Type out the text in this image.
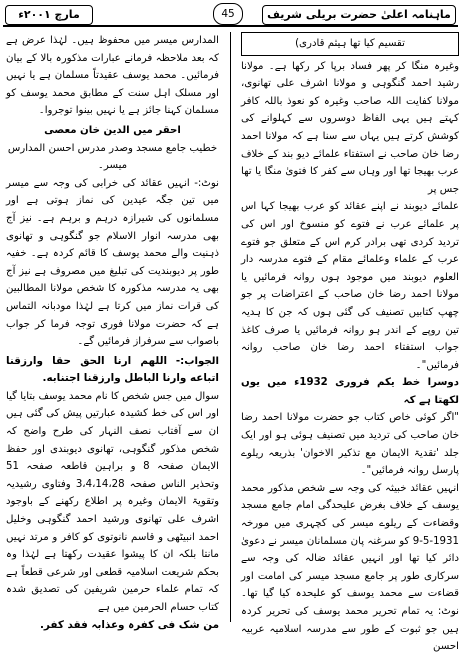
ماہنامہ اعلیٰ حضرت بریلی شریف
45
مارچ ۲۰۰۱ء

تقسیم کیا تھا ہیثم قادری)

وغیرہ منگا کر پھر فساد برپا کر رکھا ہے۔ مولانا رشید احمد گنگوہی و مولانا اشرف علی تھانوی، مولانا کفایت اللہ صاحب وغیرہ کو نعوذ باللہ کافر کہتے ہیں یہی الفاظ دوسروں سے کہلوانے کی کوشش کرتے ہیں یہاں سے سنا ہے کہ مولانا احمد رضا خان صاحب نے استفتاء علمائے دیو بند کے خلاف عرب بھیجا تھا اور وہاں سے کفر کا فتویٰ منگا یا تھا جس پر

علمائے دیوبند نے اپنے عقائد کو عرب بھیجا کہا اس پر علمائے عرب نے فتوے کو منسوخ اور اس کی تردید کردی تھی برادر کرم اس کے متعلق جو فتوے عرب کے علماء وعلمائے مقام کے فتوے مدرسہ دار العلوم دیوبند میں موجود ہوں روانہ فرمائیں یا مولانا احمد رضا خان صاحب کے اعتراضات پر جو چھپ کتابیں تصنیف کی گئی ہوں کہ جن کا ہدیہ تین روپے کے اندر ہو روانہ فرمائیں یا صرف کاغذ جواب استفتاء احمد رضا خان صاحب روانہ فرمائیں"۔

دوسرا خط یکم فروری 1932ء میں یوں لکھتا ہے کہ

"اگر کوئی خاص کتاب جو حضرت مولانا احمد رضا خان صاحب کی تردید میں تصنیف ہوئی ہو اور ایک جلد 'تقدیۃ الایمان مع تذکیر الاخوان' بذریعہ ریلوے پارسل روانہ فرمائیں"۔

انہیں عقائد خبیثہ کی وجہ سے شخص مذکور محمد یوسف کے خلاف بغرض علیحدگی امام جامع مسجد وقضاءت کے ریلوے میسر کی کچہری میں مورخہ 1931-5-9 کو سرغنہ پان مسلمانان میسر نے دعویٰ دائر کیا تھا اور انہیں عقائد ضالہ کی وجہ سے سرکاری طور پر جامع مسجد میسر کی امامت اور قضاءت سے محمد یوسف کو علیحدہ کیا گیا تھا۔ نوٹ: یہ تمام تحریر محمد یوسف کی تحریر کردہ ہیں جو ثبوت کے طور سے مدرسہ اسلامیہ عربیہ احسن

المدارس میسر میں محفوظ ہیں۔ لہٰذا عرض ہے کہ بعد ملاحظہ فرمانے عبارات مذکورہ بالا کے بیان فرمائیں۔ محمد یوسف عقیدتاً مسلمان ہے یا نہیں اور مسلک اہل سنت کے مطابق محمد یوسف کو مسلمان کہنا جائز ہے یا نہیں بینوا توجروا۔

احقر میں الدین خان معصی

خطیب جامع مسجد وصدر مدرس احسن المدارس میسر۔

نوٹ:- انہیں عقائد کی خرابی کی وجہ سے میسر میں تین جگہ عیدین کی نماز ہوتی ہے اور مسلمانوں کی شیرازہ درہم و برہم ہے۔ نیز آج بھی مدرسہ انوار الاسلام جو گنگوہی و تھانوی ذہنیت والے محمد یوسف کا قائم کردہ ہے۔ خفیہ طور پر دیوبندیت کی تبلیغ میں مصروف ہے نیز آج بھی یہ مدرسہ مذکورہ کا شخص مولانا المطالبین کی قرات نماز میں کرتا ہے لہٰذا مودبانہ التماس ہے کہ حضرت مولانا فوری توجہ فرما کر جواب باصواب سے سرفراز فرمائیں گے۔

الجواب:- اللهم ارنا الحق حقا وارزقنا اتباعه وارنا الباطل وارزقنا اجتنابه.

سوال میں جس شخص کا نام محمد یوسف بتایا گیا اور اس کی خط کشیدہ عبارتیں پیش کی گئی ہیں ان سے آفتاب نصف النہار کی طرح واضح کہ شخص مذکور گنگوہی، تھانوی دیوبندی اور حفظ الایمان صفحہ 8 و براہین قاطعہ صفحہ 51 وتحذیر الناس صفحہ 3،4،14،28 وفتاوی رشیدیہ وتقویۃ الایمان وغیرہ پر اطلاع رکھنے کے باوجود اشرف علی تھانوی ورشید احمد گنگوہی وخلیل احمد انبیٹھی و قاسم نانوتوی کو کافر و مرتد نہیں مانتا بلکہ ان کا پیشوا عقیدت رکھتا ہے لہٰذا وہ بحکم شریعت اسلامیہ قطعی اور شرعی قطعاً ہے کہ تمام علماء حرمین شریفین کی تصدیق شدہ کتاب حسام الحرمین میں ہے

من شک فی کفرہ وعذابہ فقد کفر.
